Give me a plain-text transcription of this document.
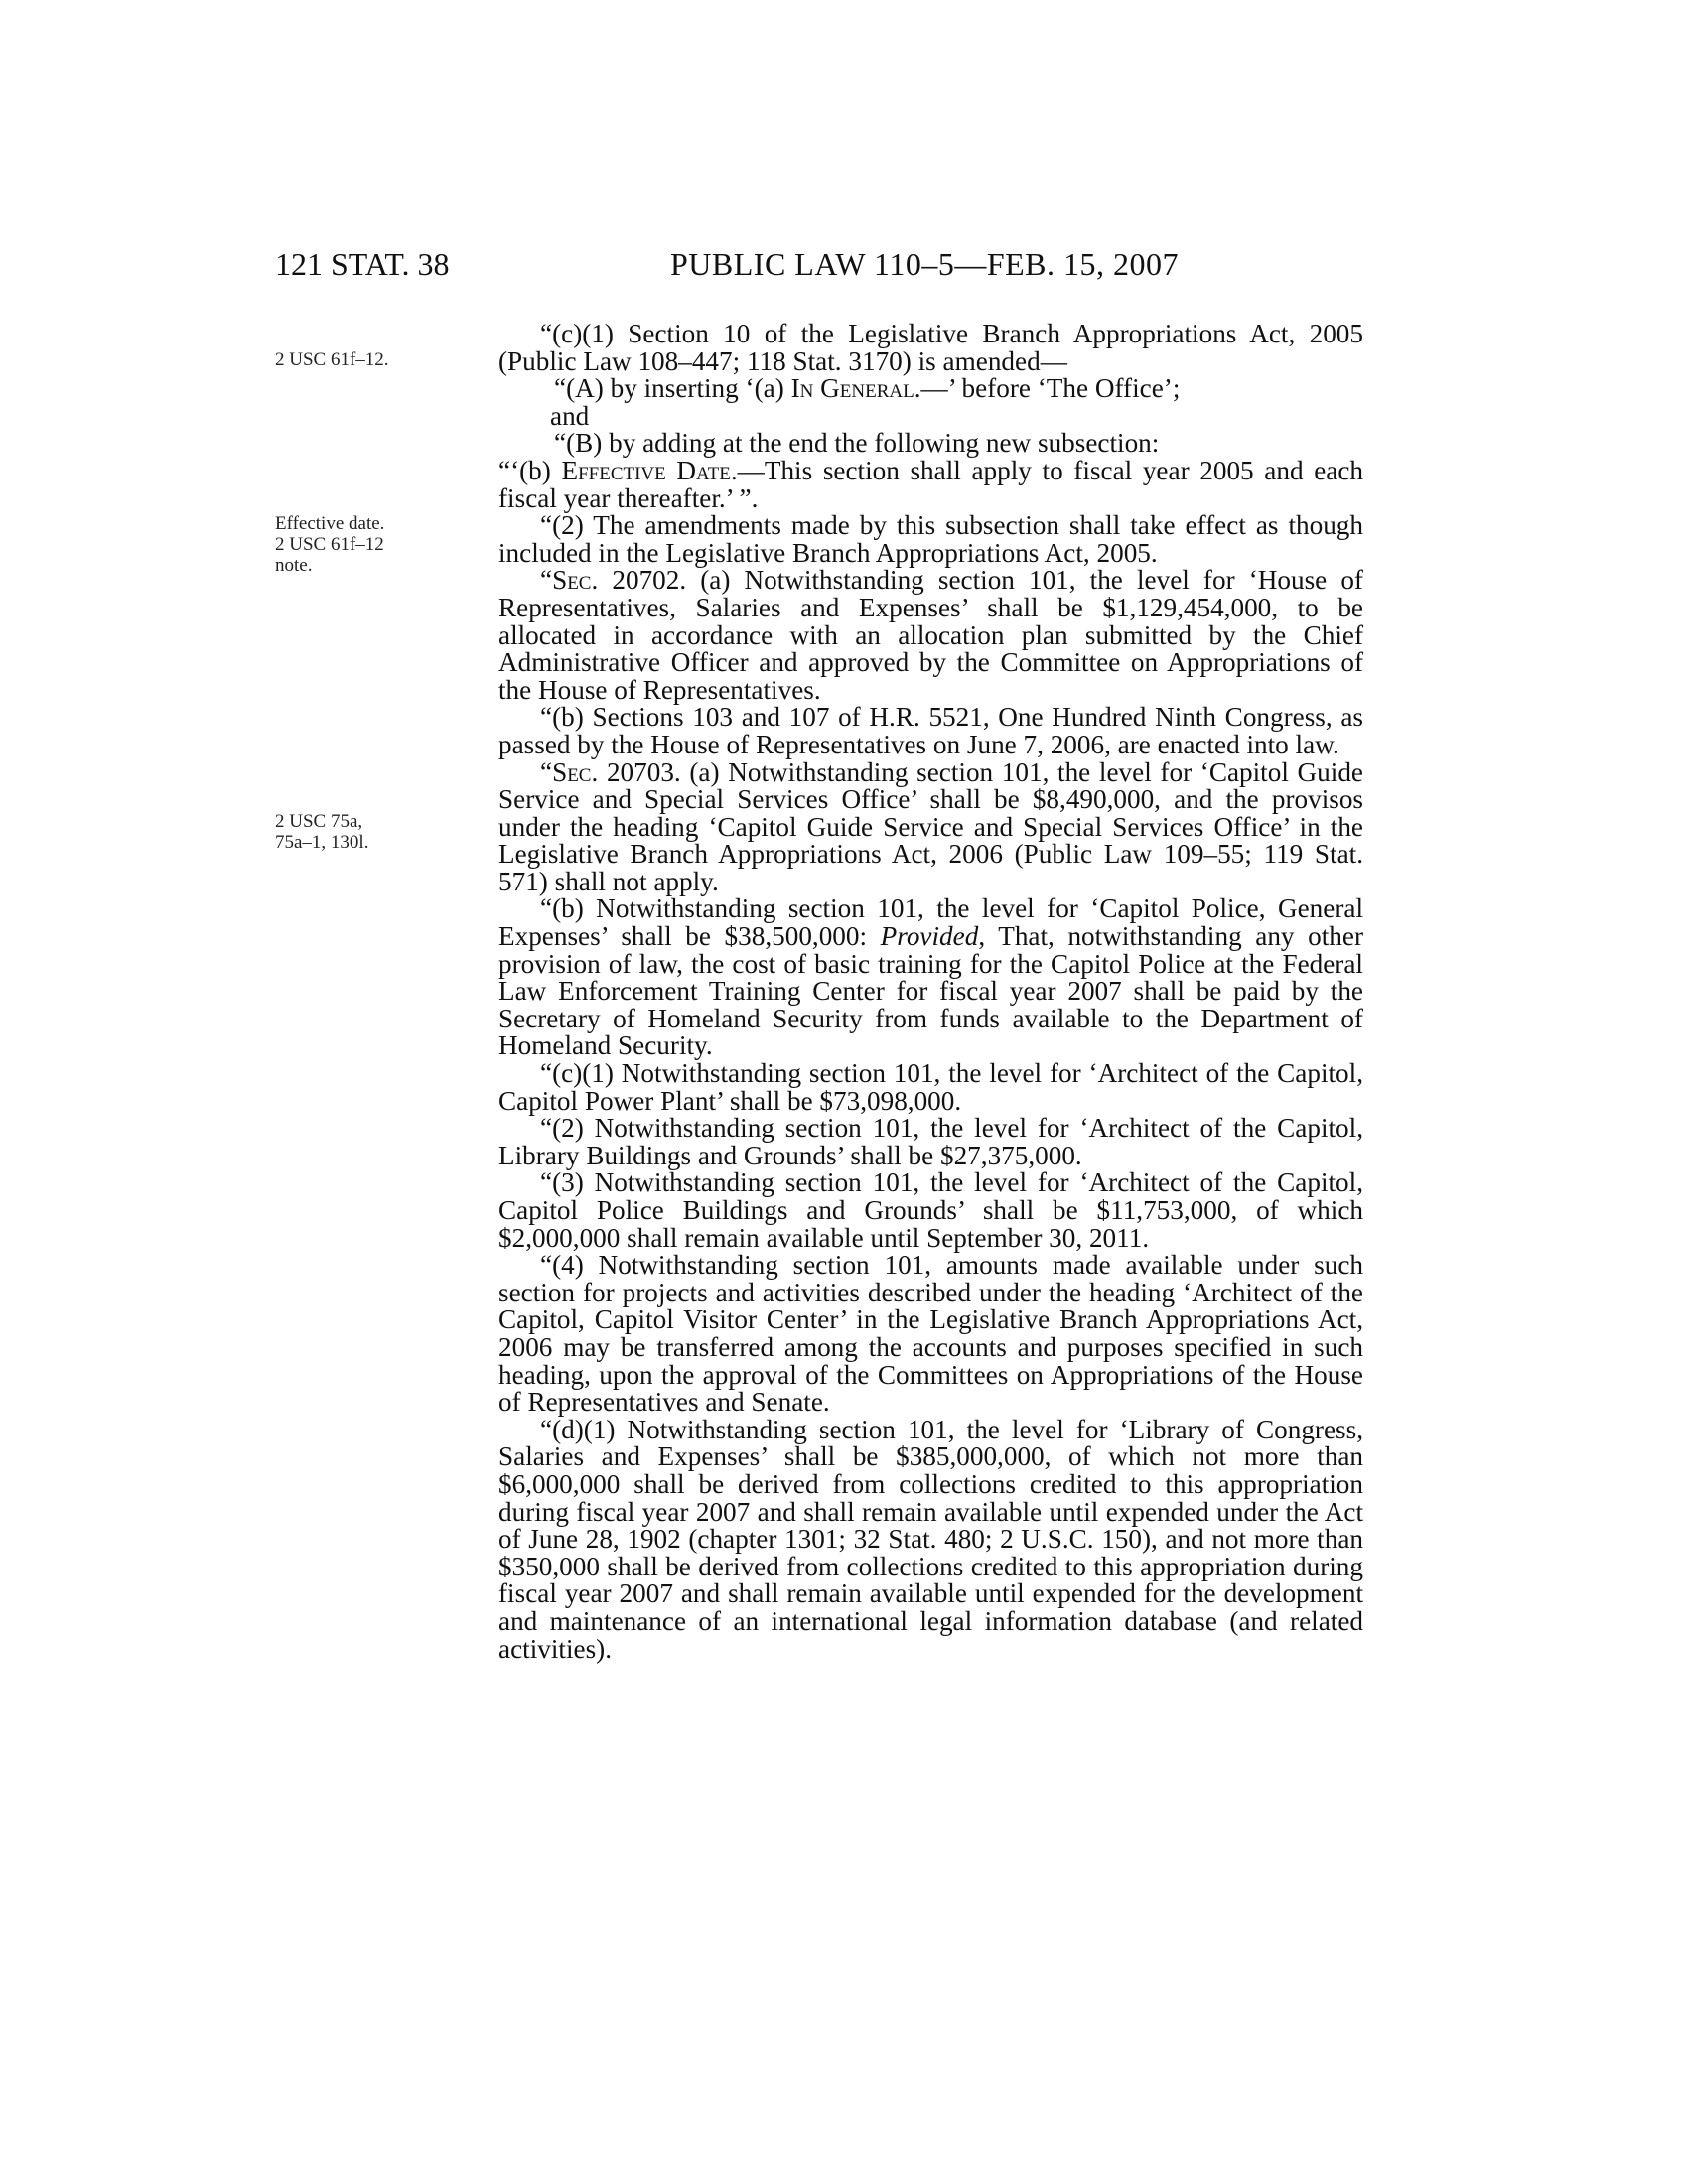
121 STAT. 38	PUBLIC LAW 110–5—FEB. 15, 2007
2 USC 61f–12.
Effective date.
2 USC 61f–12
note.
2 USC 75a,
75a–1, 130l.

“(c)(1) Section 10 of the Legislative Branch Appropriations Act, 2005 (Public Law 108–447; 118 Stat. 3170) is amended—

“(A) by inserting ‘(a) In General.—’ before ‘The Office’;

and

“(B) by adding at the end the following new subsection:

“‘(b) Effective Date.—This section shall apply to fiscal year 2005 and each fiscal year thereafter.’ ”.

“(2) The amendments made by this subsection shall take effect as though included in the Legislative Branch Appropriations Act, 2005.

“Sec. 20702. (a) Notwithstanding section 101, the level for ‘House of Representatives, Salaries and Expenses’ shall be $1,129,454,000, to be allocated in accordance with an allocation plan submitted by the Chief Administrative Officer and approved by the Committee on Appropriations of the House of Representatives.

“(b) Sections 103 and 107 of H.R. 5521, One Hundred Ninth Congress, as passed by the House of Representatives on June 7, 2006, are enacted into law.

“Sec. 20703. (a) Notwithstanding section 101, the level for ‘Capitol Guide Service and Special Services Office’ shall be $8,490,000, and the provisos under the heading ‘Capitol Guide Service and Special Services Office’ in the Legislative Branch Appropriations Act, 2006 (Public Law 109–55; 119 Stat. 571) shall not apply.

“(b) Notwithstanding section 101, the level for ‘Capitol Police, General Expenses’ shall be $38,500,000: Provided, That, notwithstanding any other provision of law, the cost of basic training for the Capitol Police at the Federal Law Enforcement Training Center for fiscal year 2007 shall be paid by the Secretary of Homeland Security from funds available to the Department of Homeland Security.

“(c)(1) Notwithstanding section 101, the level for ‘Architect of the Capitol, Capitol Power Plant’ shall be $73,098,000.

“(2) Notwithstanding section 101, the level for ‘Architect of the Capitol, Library Buildings and Grounds’ shall be $27,375,000.

“(3) Notwithstanding section 101, the level for ‘Architect of the Capitol, Capitol Police Buildings and Grounds’ shall be $11,753,000, of which $2,000,000 shall remain available until September 30, 2011.

“(4) Notwithstanding section 101, amounts made available under such section for projects and activities described under the heading ‘Architect of the Capitol, Capitol Visitor Center’ in the Legislative Branch Appropriations Act, 2006 may be transferred among the accounts and purposes specified in such heading, upon the approval of the Committees on Appropriations of the House of Representatives and Senate.

“(d)(1) Notwithstanding section 101, the level for ‘Library of Congress, Salaries and Expenses’ shall be $385,000,000, of which not more than $6,000,000 shall be derived from collections credited to this appropriation during fiscal year 2007 and shall remain available until expended under the Act of June 28, 1902 (chapter 1301; 32 Stat. 480; 2 U.S.C. 150), and not more than $350,000 shall be derived from collections credited to this appropriation during fiscal year 2007 and shall remain available until expended for the development and maintenance of an international legal information database (and related activities).
